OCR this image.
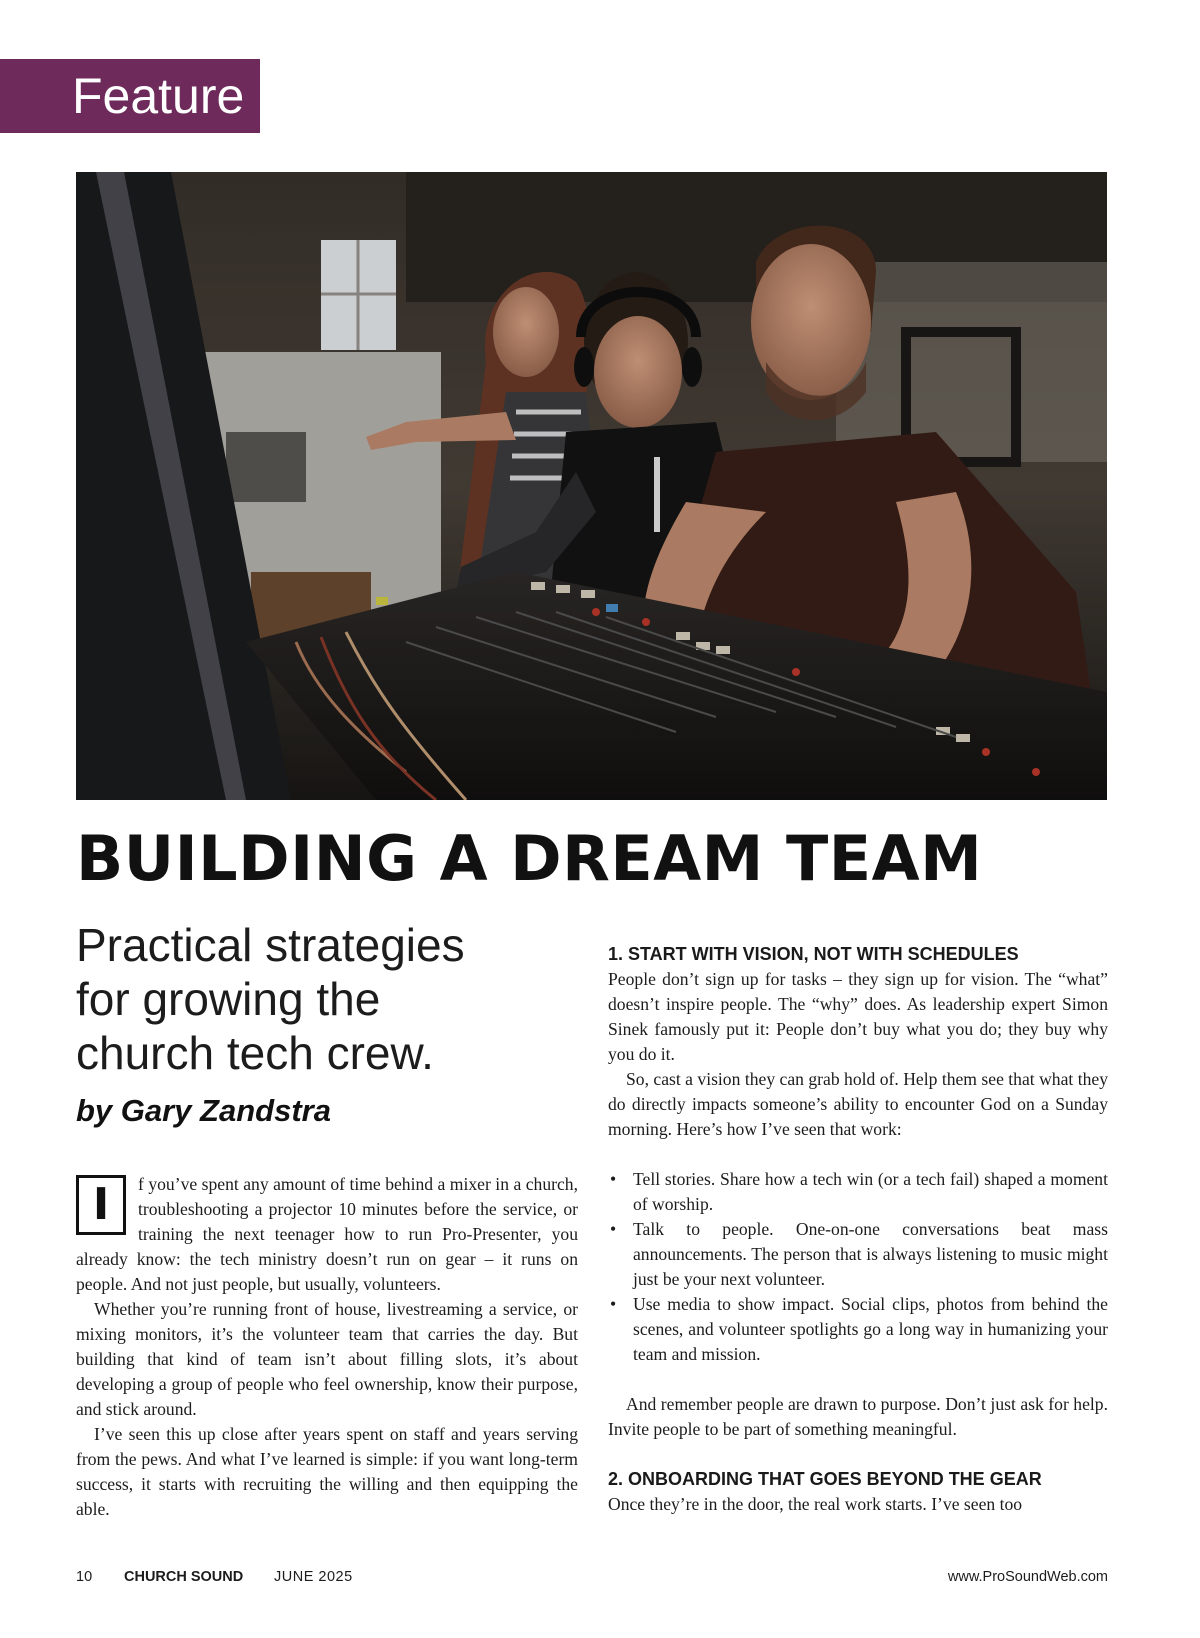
Feature
BUILDING A DREAM TEAM
Practical strategies
for growing the
church tech crew.
by Gary Zandstra
I	f you’ve spent any amount of time behind a mixer in a church, troubleshooting a projector 10 minutes before the service, or training the next teenager how to run Pro-Presenter, you already know: the tech ministry doesn’t run on gear – it runs on people. And not just people, but usually, volunteers.

Whether you’re running front of house, livestreaming a service, or mixing monitors, it’s the volunteer team that carries the day. But building that kind of team isn’t about filling slots, it’s about developing a group of people who feel ownership, know their purpose, and stick around.

I’ve seen this up close after years spent on staff and years serving from the pews. And what I’ve learned is simple: if you want long-term success, it starts with recruiting the willing and then equipping the able.

1. START WITH VISION, NOT WITH SCHEDULES

People don’t sign up for tasks – they sign up for vision. The “what” doesn’t inspire people. The “why” does. As leadership expert Simon Sinek famously put it: People don’t buy what you do; they buy why you do it.

So, cast a vision they can grab hold of. Help them see that what they do directly impacts someone’s ability to encounter God on a Sunday morning. Here’s how I’ve seen that work:

• Tell stories. Share how a tech win (or a tech fail) shaped a moment of worship.
• Talk to people. One-on-one conversations beat mass announcements. The person that is always listening to music might just be your next volunteer.
• Use media to show impact. Social clips, photos from behind the scenes, and volunteer spotlights go a long way in humanizing your team and mission.

And remember people are drawn to purpose. Don’t just ask for help. Invite people to be part of something meaningful.

2. ONBOARDING THAT GOES BEYOND THE GEAR

Once they’re in the door, the real work starts. I’ve seen too

10 CHURCH SOUND JUNE 2025	www.ProSoundWeb.com
